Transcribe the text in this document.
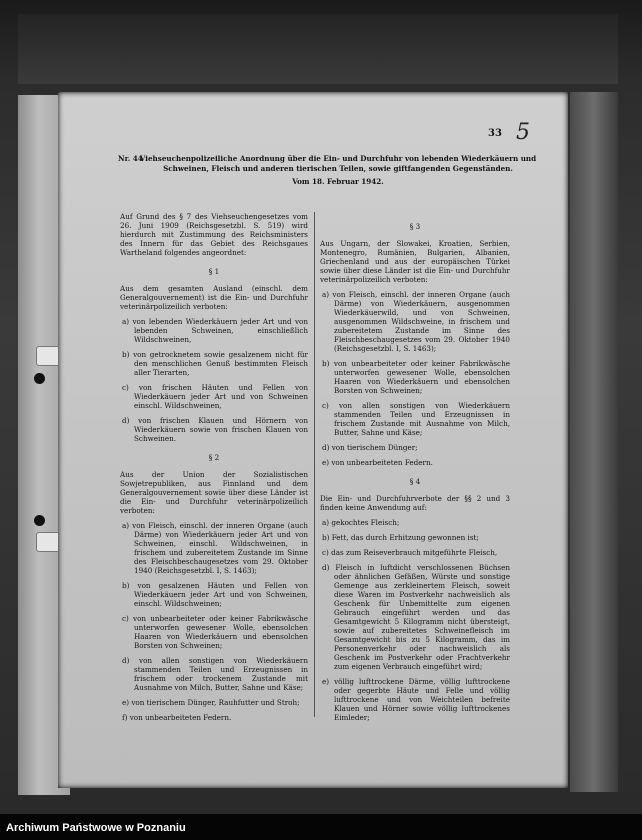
33 5
Nr. 44
Viehseuchenpolizeiliche Anordnung über die Ein- und Durchfuhr von lebenden Wiederkäuern und Schweinen, Fleisch und anderen tierischen Teilen, sowie giftfangenden Gegenständen.
Vom 18. Februar 1942.
Auf Grund des § 7 des Viehseuchengesetzes vom 26. Juni 1909 (Reichsgesetzbl. S. 519) wird hierdurch mit Zustimmung des Reichsministers des Innern für das Gebiet des Reichsgaues Wartheland folgendes angeordnet:
§ 1
Aus dem gesamten Ausland (einschl. dem Generalgouvernement) ist die Ein- und Durchfuhr veterinärpolizeilich verboten:
a) von lebenden Wiederkäuern jeder Art und von lebenden Schweinen, einschließlich Wildschweinen,
b) von getrocknetem sowie gesalzenem nicht für den menschlichen Genuß bestimmten Fleisch aller Tierarten,
c) von frischen Häuten und Fellen von Wiederkäuern jeder Art und von Schweinen einschl. Wildschweinen,
d) von frischen Klauen und Hörnern von Wiederkäuern sowie von frischen Klauen von Schweinen.
§ 2
Aus der Union der Sozialistischen Sowjetrepubliken, aus Finnland und dem Generalgouvernement sowie über diese Länder ist die Ein- und Durchfuhr veterinärpolizeilich verboten:
a) von Fleisch, einschl. der inneren Organe (auch Därme) von Wiederkäuern jeder Art und von Schweinen, einschl. Wildschweinen, in frischem und zubereitetem Zustande im Sinne des Fleischbeschaugesetzes vom 29. Oktober 1940 (Reichsgesetzbl. I, S. 1463);
b) von gesalzenen Häuten und Fellen von Wiederkäuern jeder Art und von Schweinen, einschl. Wildschweinen;
c) von unbearbeiteter oder keiner Fabrikwäsche unterworfen gewesener Wolle, ebensolchen Haaren von Wiederkäuern und ebensolchen Borsten von Schweinen;
d) von allen sonstigen von Wiederkäuern stammenden Teilen und Erzeugnissen in frischem oder trockenem Zustande mit Ausnahme von Milch, Butter, Sahne und Käse;
e) von tierischem Dünger, Rauhfutter und Stroh;
f) von unbearbeiteten Federn.
§ 3
Aus Ungarn, der Slowakei, Kroatien, Serbien, Montenegro, Rumänien, Bulgarien, Albanien, Griechenland und aus der europäischen Türkei sowie über diese Länder ist die Ein- und Durchfuhr veterinärpolizeilich verboten:
a) von Fleisch, einschl. der inneren Organe (auch Därme) von Wiederkäuern, ausgenommen Wiederkäuerwild, und von Schweinen, ausgenommen Wildschweine, in frischem und zubereitetem Zustande im Sinne des Fleischbeschaugesetzes vom 29. Oktober 1940 (Reichsgesetzbl. I, S. 1463);
b) von unbearbeiteter oder keiner Fabrikwäsche unterworfen gewesener Wolle, ebensolchen Haaren von Wiederkäuern und ebensolchen Borsten von Schweinen;
c) von allen sonstigen von Wiederkäuern stammenden Teilen und Erzeugnissen in frischem Zustande mit Ausnahme von Milch, Butter, Sahne und Käse;
d) von tierischem Dünger;
e) von unbearbeiteten Federn.
§ 4
Die Ein- und Durchfuhrverbote der §§ 2 und 3 finden keine Anwendung auf:
a) gekochtes Fleisch;
b) Fett, das durch Erhitzung gewonnen ist;
c) das zum Reiseverbrauch mitgeführte Fleisch,
d) Fleisch in luftdicht verschlossenen Büchsen oder ähnlichen Gefäßen, Würste und sonstige Gemenge aus zerkleinertem Fleisch, soweit diese Waren im Postverkehr nachweislich als Geschenk für Unbemittelte zum eigenen Gebrauch eingeführt werden und das Gesamtgewicht 5 Kilogramm nicht übersteigt, sowie auf zubereitetes Schweinefleisch im Gesamtgewicht bis zu 5 Kilogramm, das im Personenverkehr oder nachweislich als Geschenk im Postverkehr oder Frachtverkehr zum eigenen Verbrauch eingeführt wird;
e) völlig lufttrockene Därme, völlig lufttrockene oder gegerbte Häute und Felle und völlig lufttrockene und von Weichteilen befreite Klauen und Hörner sowie völlig lufttrockenes Eimleder;
Archiwum Państwowe w Poznaniu
